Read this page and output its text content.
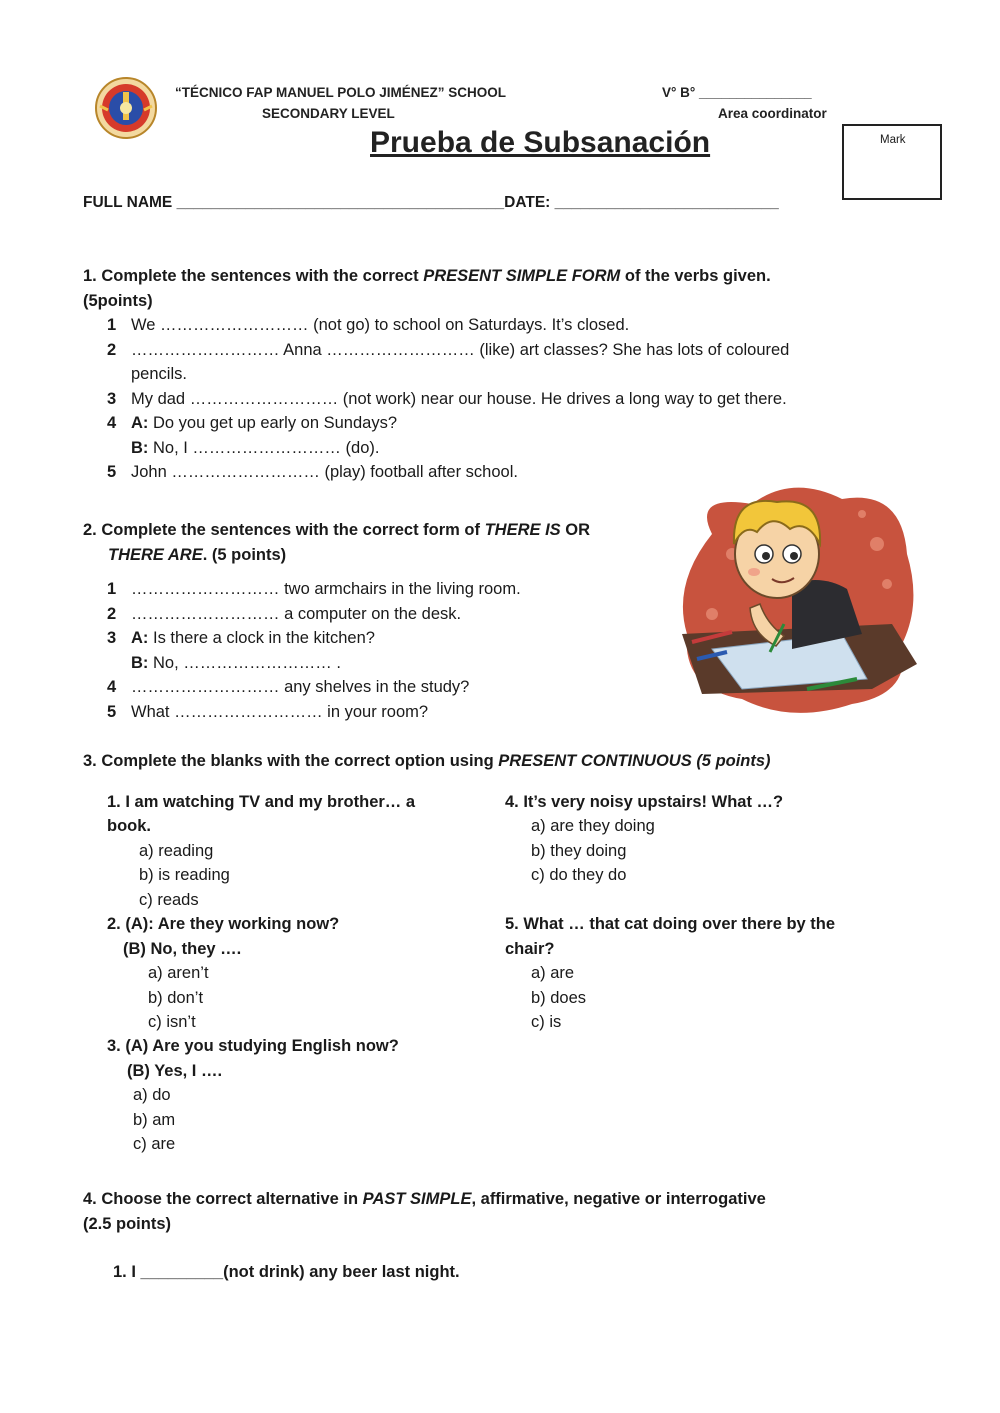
“TÉCNICO FAP MANUEL POLO JIMÉNEZ” SCHOOL
SECONDARY LEVEL
V° B° _______________
Area coordinator
Prueba de Subsanación	Mark
FULL NAME ______________________________________DATE: __________________________
1. Complete the sentences with the correct PRESENT SIMPLE FORM of the verbs given.
(5points)
1 We ……………………… (not go) to school on Saturdays. It’s closed.
2 ……………………… Anna ……………………… (like) art classes? She has lots of coloured
pencils.
3 My dad ……………………… (not work) near our house. He drives a long way to get there.
4 A: Do you get up early on Sundays?
B: No, I ……………………… (do).
5 John ……………………… (play) football after school.
2. Complete the sentences with the correct form of THERE IS OR
THERE ARE. (5 points)
1 ……………………… two armchairs in the living room.
2 ……………………… a computer on the desk.
3 A: Is there a clock in the kitchen?
B: No, ……………………… .
4 ……………………… any shelves in the study?
5 What ……………………… in your room?
3. Complete the blanks with the correct option using PRESENT CONTINUOUS (5 points)
1. I am watching TV and my brother… a
book.
a) reading
b) is reading
c) reads
2. (A): Are they working now?
(B) No, they ….
a) aren’t
b) don’t
c) isn’t
3. (A) Are you studying English now?
(B) Yes, I ….
a) do
b) am
c) are
4. It’s very noisy upstairs! What …?
a) are they doing
b) they doing
c) do they do
5. What … that cat doing over there by the
chair?
a) are
b) does
c) is
4. Choose the correct alternative in PAST SIMPLE, affirmative, negative or interrogative
(2.5 points)
1. I _________(not drink) any beer last night.
